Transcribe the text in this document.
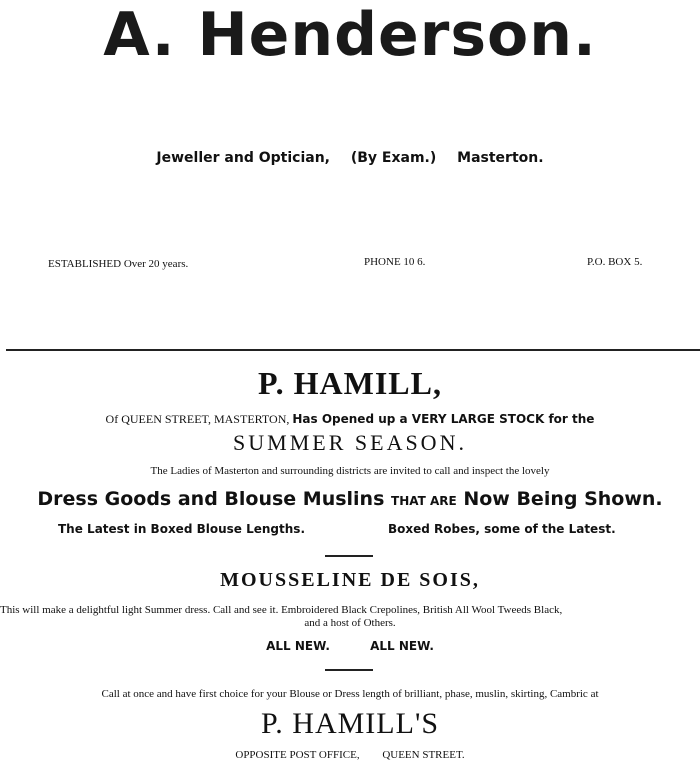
A. Henderson.
Jeweller and Optician, (By Exam.) Masterton.
ESTABLISHED Over 20 years.	PHONE 10 6.	P.O. BOX 5.
P. HAMILL,
Of QUEEN STREET, MASTERTON, Has Opened up a VERY LARGE STOCK for the
SUMMER SEASON.
The Ladies of Masterton and surrounding districts are invited to call and inspect the lovely
Dress Goods and Blouse Muslins THAT ARE Now Being Shown.
The Latest in Boxed Blouse Lengths.	Boxed Robes, some of the Latest.
MOUSSELINE DE SOIS,
This will make a delightful light Summer dress. Call and see it. Embroidered Black Crepolines, British All Wool Tweeds Black,
and a host of Others.
ALL NEW.	ALL NEW.
Call at once and have first choice for your Blouse or Dress length of brilliant, phase, muslin, skirting, Cambric at
P. HAMILL'S
OPPOSITE POST OFFICE, QUEEN STREET.
